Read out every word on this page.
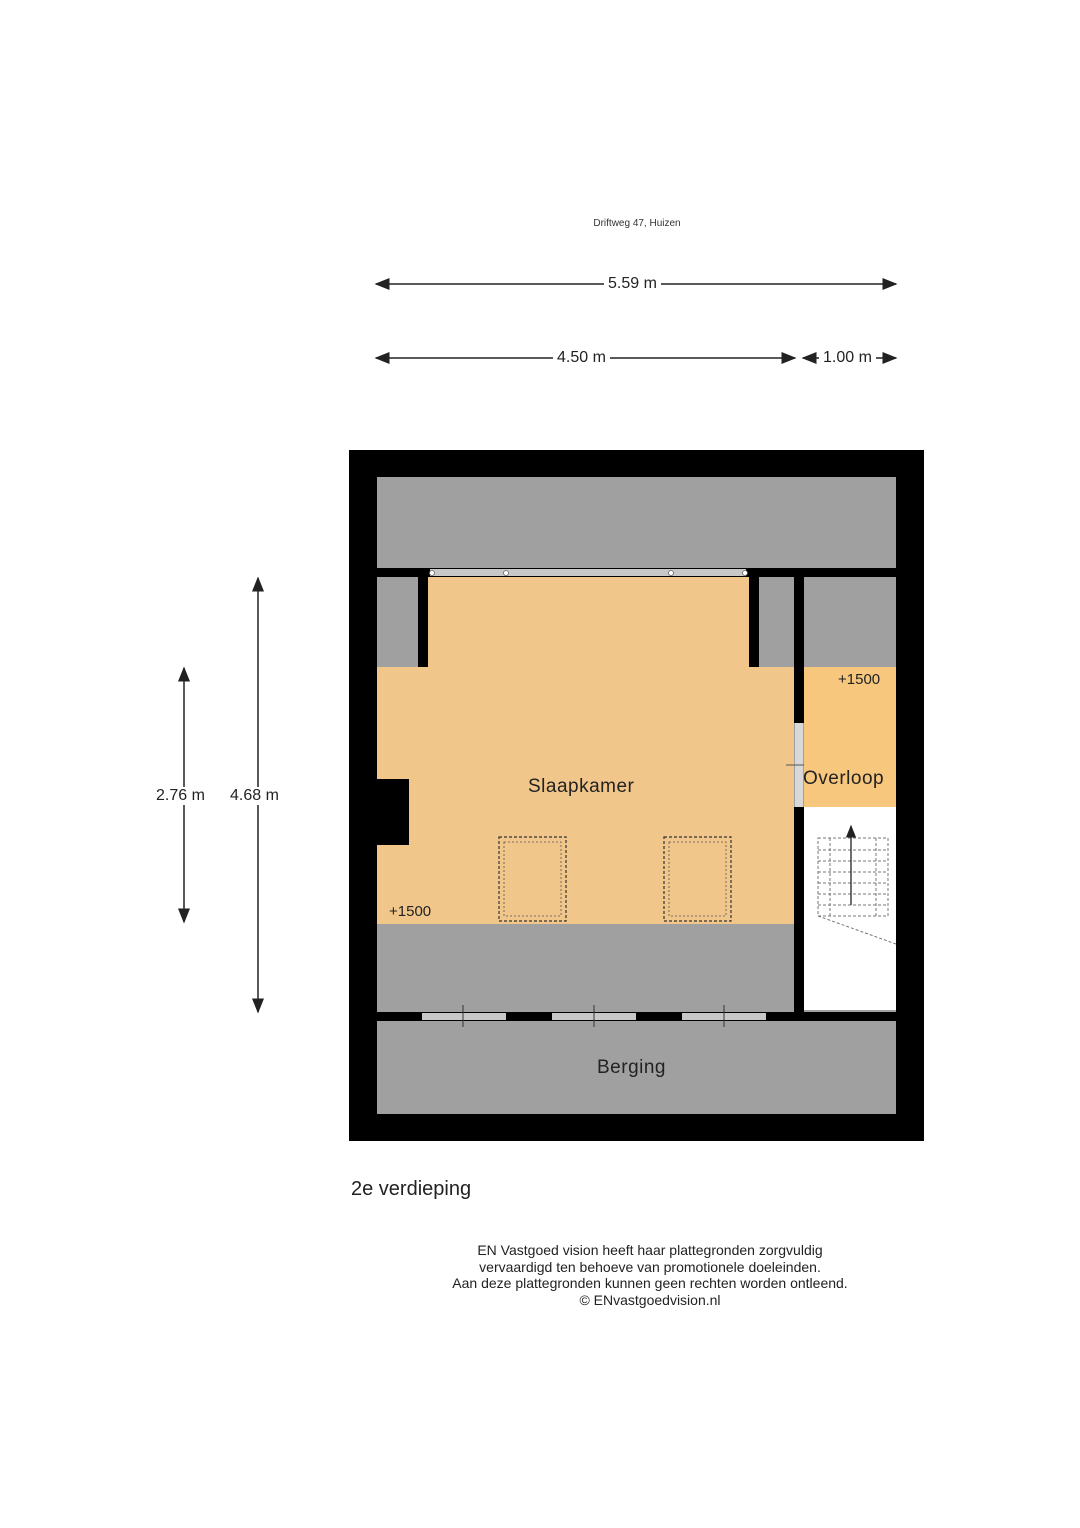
Driftweg 47, Huizen
5.59 m
4.50 m	1.00 m
2.76 m 4.68 m	Slaapkamer	Overloop
Berging
+1500
+1500
2e verdieping
EN Vastgoed vision heeft haar plattegronden zorgvuldig
vervaardigd ten behoeve van promotionele doeleinden.
Aan deze plattegronden kunnen geen rechten worden ontleend.
© ENvastgoedvision.nl
